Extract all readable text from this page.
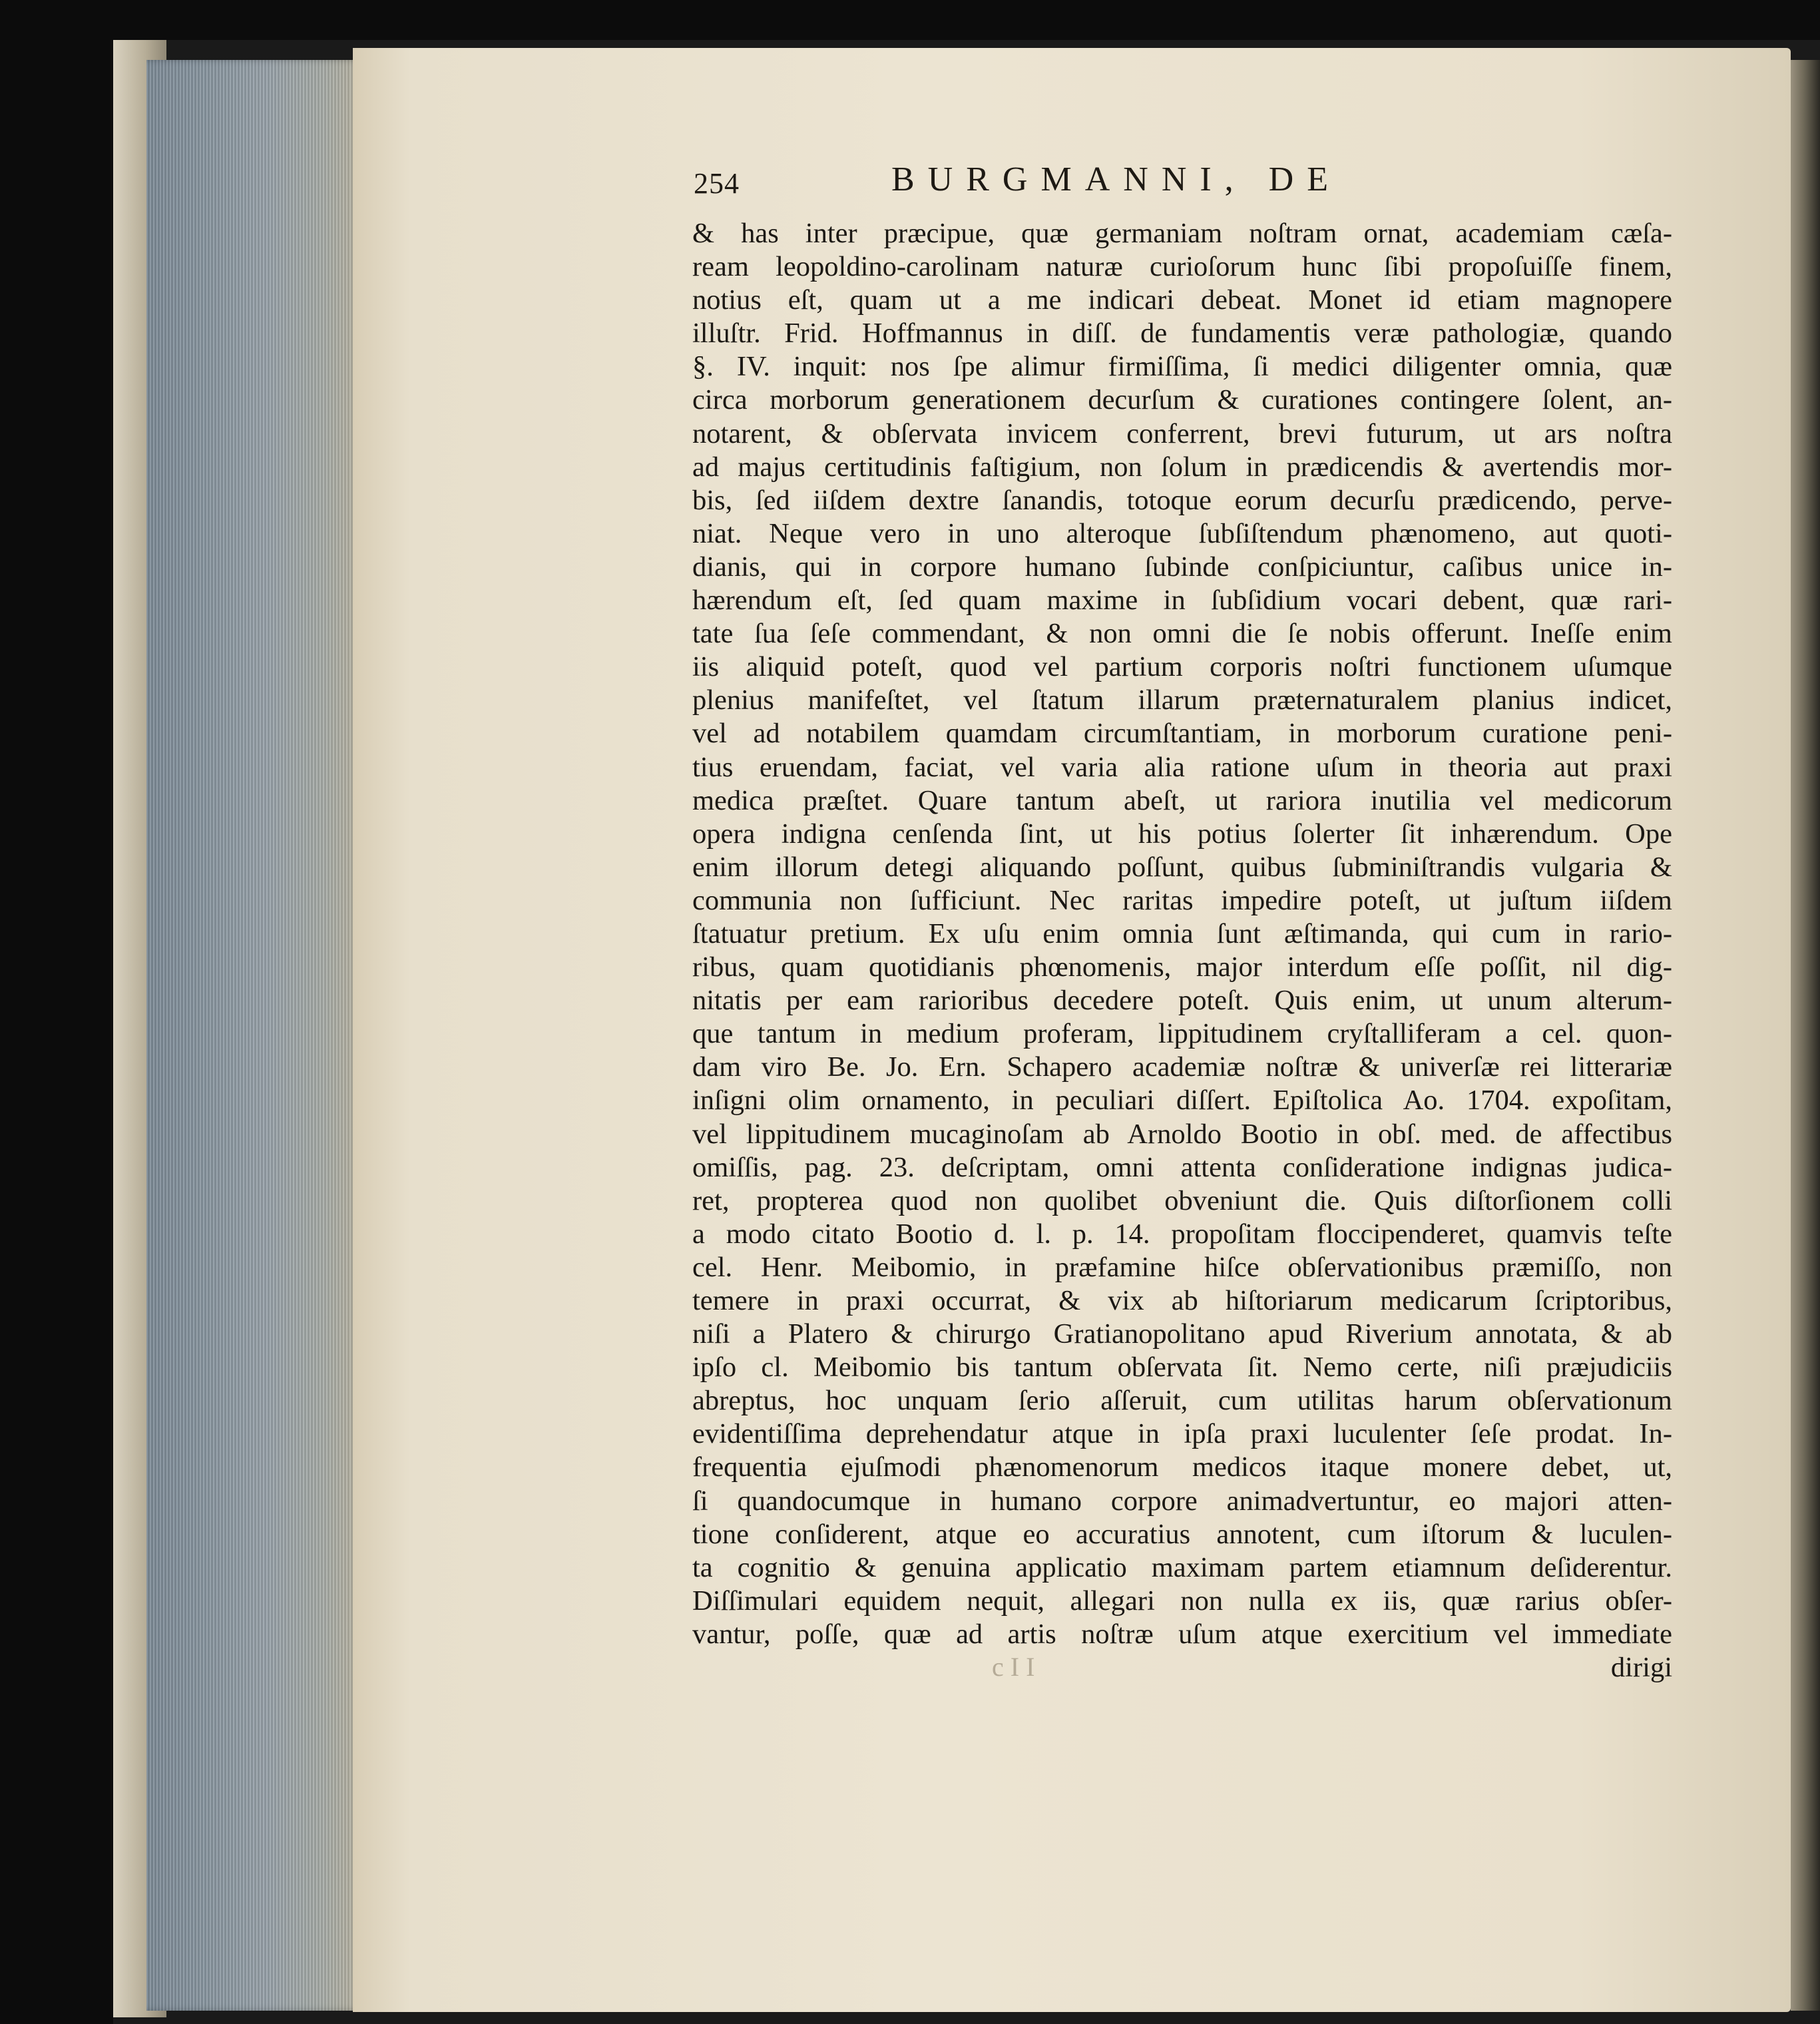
254	BURGMANNI, DE
& has inter præcipue, quæ germaniam noſtram ornat, academiam cæſa-
ream leopoldino-carolinam naturæ curioſorum hunc ſibi propoſuiſſe finem,
notius eſt, quam ut a me indicari debeat. Monet id etiam magnopere
illuſtr. Frid. Hoffmannus in diſſ. de fundamentis veræ pathologiæ, quando
§. IV. inquit: nos ſpe alimur firmiſſima, ſi medici diligenter omnia, quæ
circa morborum generationem decurſum & curationes contingere ſolent, an-
notarent, & obſervata invicem conferrent, brevi futurum, ut ars noſtra
ad majus certitudinis faſtigium, non ſolum in prædicendis & avertendis mor-
bis, ſed iiſdem dextre ſanandis, totoque eorum decurſu prædicendo, perve-
niat. Neque vero in uno alteroque ſubſiſtendum phænomeno, aut quoti-
dianis, qui in corpore humano ſubinde conſpiciuntur, caſibus unice in-
hærendum eſt, ſed quam maxime in ſubſidium vocari debent, quæ rari-
tate ſua ſeſe commendant, & non omni die ſe nobis offerunt. Ineſſe enim
iis aliquid poteſt, quod vel partium corporis noſtri functionem uſumque
plenius manifeſtet, vel ſtatum illarum præternaturalem planius indicet,
vel ad notabilem quamdam circumſtantiam, in morborum curatione peni-
tius eruendam, faciat, vel varia alia ratione uſum in theoria aut praxi
medica præſtet. Quare tantum abeſt, ut rariora inutilia vel medicorum
opera indigna cenſenda ſint, ut his potius ſolerter ſit inhærendum. Ope
enim illorum detegi aliquando poſſunt, quibus ſubminiſtrandis vulgaria &
communia non ſufficiunt. Nec raritas impedire poteſt, ut juſtum iiſdem
ſtatuatur pretium. Ex uſu enim omnia ſunt æſtimanda, qui cum in rario-
ribus, quam quotidianis phœnomenis, major interdum eſſe poſſit, nil dig-
nitatis per eam rarioribus decedere poteſt. Quis enim, ut unum alterum-
que tantum in medium proferam, lippitudinem cryſtalliferam a cel. quon-
dam viro Be. Jo. Ern. Schapero academiæ noſtræ & univerſæ rei litterariæ
inſigni olim ornamento, in peculiari diſſert. Epiſtolica Ao. 1704. expoſitam,
vel lippitudinem mucaginoſam ab Arnoldo Bootio in obſ. med. de affectibus
omiſſis, pag. 23. deſcriptam, omni attenta conſideratione indignas judica-
ret, propterea quod non quolibet obveniunt die. Quis diſtorſionem colli
a modo citato Bootio d. l. p. 14. propoſitam floccipenderet, quamvis teſte
cel. Henr. Meibomio, in præfamine hiſce obſervationibus præmiſſo, non
temere in praxi occurrat, & vix ab hiſtoriarum medicarum ſcriptoribus,
niſi a Platero & chirurgo Gratianopolitano apud Riverium annotata, & ab
ipſo cl. Meibomio bis tantum obſervata ſit. Nemo certe, niſi præjudiciis
abreptus, hoc unquam ſerio aſſeruit, cum utilitas harum obſervationum
evidentiſſima deprehendatur atque in ipſa praxi luculenter ſeſe prodat. In-
frequentia ejuſmodi phænomenorum medicos itaque monere debet, ut,
ſi quandocumque in humano corpore animadvertuntur, eo majori atten-
tione conſiderent, atque eo accuratius annotent, cum iſtorum & luculen-
ta cognitio & genuina applicatio maximam partem etiamnum deſiderentur.
Diſſimulari equidem nequit, allegari non nulla ex iis, quæ rarius obſer-
vantur, poſſe, quæ ad artis noſtræ uſum atque exercitium vel immediate
dirigi
c I I
